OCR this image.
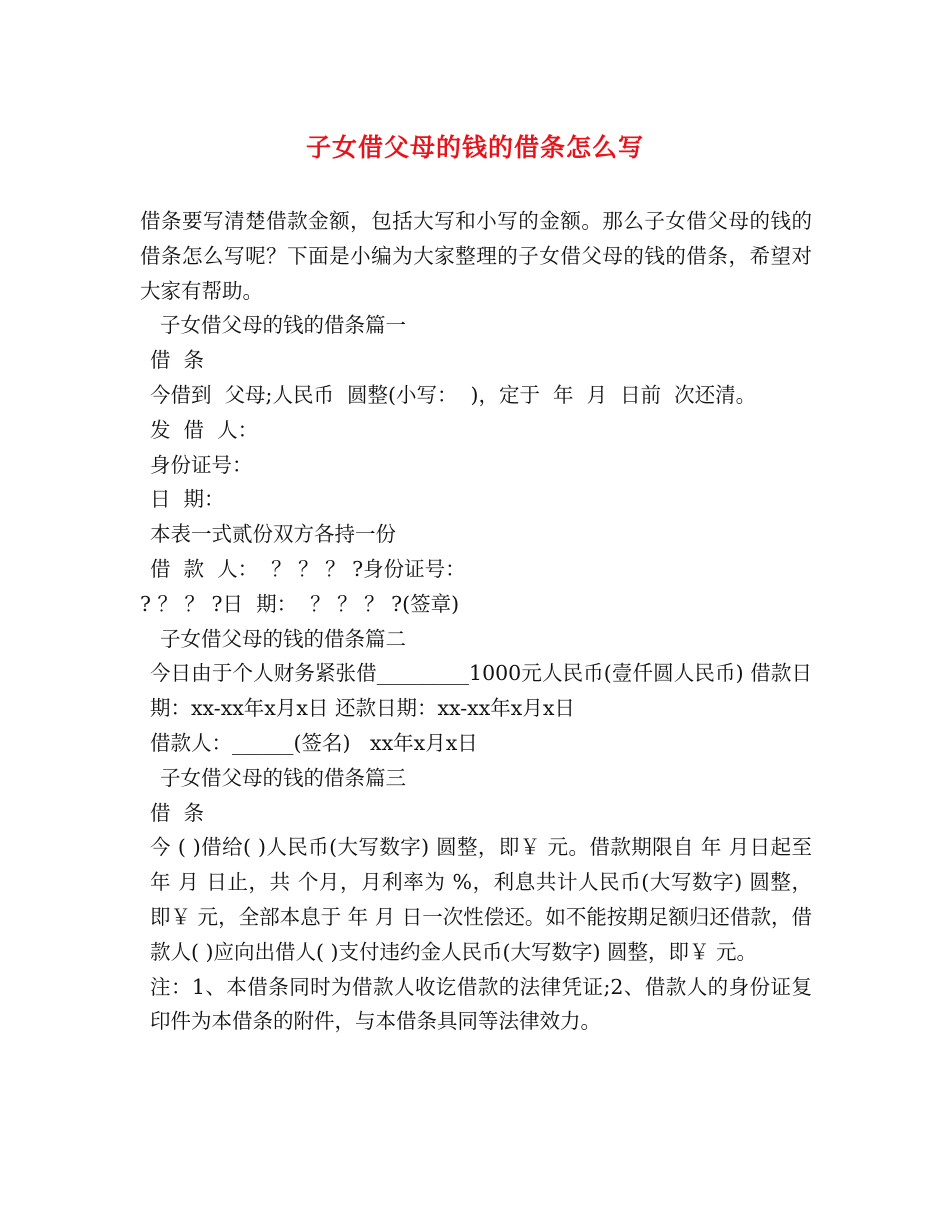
子女借父母的钱的借条怎么写
借条要写清楚借款金额，包括大写和小写的金额。那么子女借父母的钱的借条怎么写呢？下面是小编为大家整理的子女借父母的钱的借条，希望对大家有帮助。
子女借父母的钱的借条篇一
借  条
今借到  父母;人民币  圆整(小写：  )，定于  年  月  日前  次还清。
发  借  人：
身份证号：
日  期：
本表一式贰份双方各持一份
借  款  人：  ？ ？ ？ ?身份证号：
? ？ ？ ?日  期：  ？ ？ ？ ?(签章)
子女借父母的钱的借条篇二
今日由于个人财务紧张借_________1000元人民币(壹仟圆人民币) 借款日期：xx-xx年x月x日 还款日期：xx-xx年x月x日
借款人：______(签名)   xx年x月x日
子女借父母的钱的借条篇三
借  条
今 ( )借给( )人民币(大写数字) 圆整，即￥ 元。借款期限自 年 月日起至 年 月 日止，共 个月，月利率为 %，利息共计人民币(大写数字) 圆整，即￥ 元，全部本息于 年 月 日一次性偿还。如不能按期足额归还借款，借款人( )应向出借人( )支付违约金人民币(大写数字) 圆整，即￥ 元。
注：1、本借条同时为借款人收讫借款的法律凭证;2、借款人的身份证复印件为本借条的附件，与本借条具同等法律效力。
